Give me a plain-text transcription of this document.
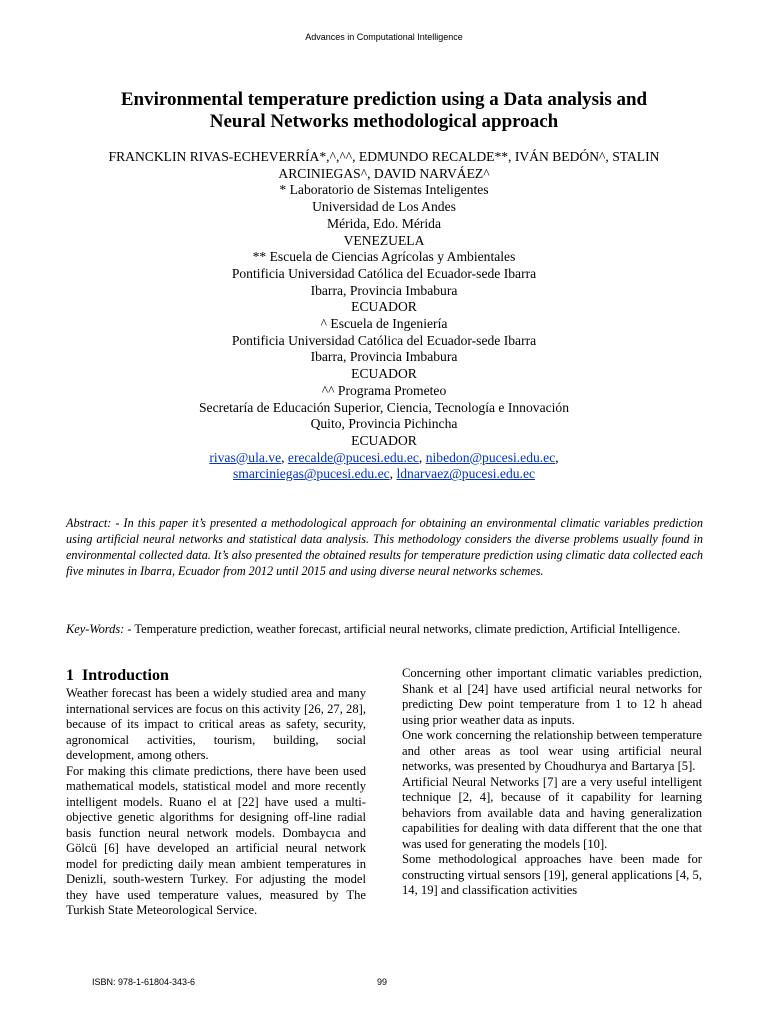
Advances in Computational Intelligence
Environmental temperature prediction using a Data analysis and
Neural Networks methodological approach
FRANCKLIN RIVAS-ECHEVERRÍA*,^,^^, EDMUNDO RECALDE**, IVÁN BEDÓN^, STALIN
ARCINIEGAS^, DAVID NARVÁEZ^
* Laboratorio de Sistemas Inteligentes
Universidad de Los Andes
Mérida, Edo. Mérida
VENEZUELA
** Escuela de Ciencias Agrícolas y Ambientales
Pontificia Universidad Católica del Ecuador-sede Ibarra
Ibarra, Provincia Imbabura
ECUADOR
^ Escuela de Ingeniería
Pontificia Universidad Católica del Ecuador-sede Ibarra
Ibarra, Provincia Imbabura
ECUADOR
^^ Programa Prometeo
Secretaría de Educación Superior, Ciencia, Tecnología e Innovación
Quito, Provincia Pichincha
ECUADOR
rivas@ula.ve, erecalde@pucesi.edu.ec, nibedon@pucesi.edu.ec,
smarciniegas@pucesi.edu.ec, ldnarvaez@pucesi.edu.ec

Abstract: - In this paper it’s presented a methodological approach for obtaining an environmental climatic variables prediction using artificial neural networks and statistical data analysis. This methodology considers the diverse problems usually found in environmental collected data. It’s also presented the obtained results for temperature prediction using climatic data collected each five minutes in Ibarra, Ecuador from 2012 until 2015 and using diverse neural networks schemes.

Key-Words: - Temperature prediction, weather forecast, artificial neural networks, climate prediction, Artificial Intelligence.

1 Introduction

Weather forecast has been a widely studied area and many international services are focus on this activity [26, 27, 28], because of its impact to critical areas as safety, security, agronomical activities, tourism, building, social development, among others.

For making this climate predictions, there have been used mathematical models, statistical model and more recently intelligent models. Ruano el at [22] have used a multi-objective genetic algorithms for designing off-line radial basis function neural network models. Dombaycıa and Gölcü [6] have developed an artificial neural network model for predicting daily mean ambient temperatures in Denizli, south-western Turkey. For adjusting the model they have used temperature values, measured by The Turkish State Meteorological Service.

Concerning other important climatic variables prediction, Shank et al [24] have used artificial neural networks for predicting Dew point temperature from 1 to 12 h ahead using prior weather data as inputs.

One work concerning the relationship between temperature and other areas as tool wear using artificial neural networks, was presented by Choudhurya and Bartarya [5].

Artificial Neural Networks [7] are a very useful intelligent technique [2, 4], because of it capability for learning behaviors from available data and having generalization capabilities for dealing with data different that the one that was used for generating the models [10].

Some methodological approaches have been made for constructing virtual sensors [19], general applications [4, 5, 14, 19] and classification activities

ISBN: 978-1-61804-343-6	99
